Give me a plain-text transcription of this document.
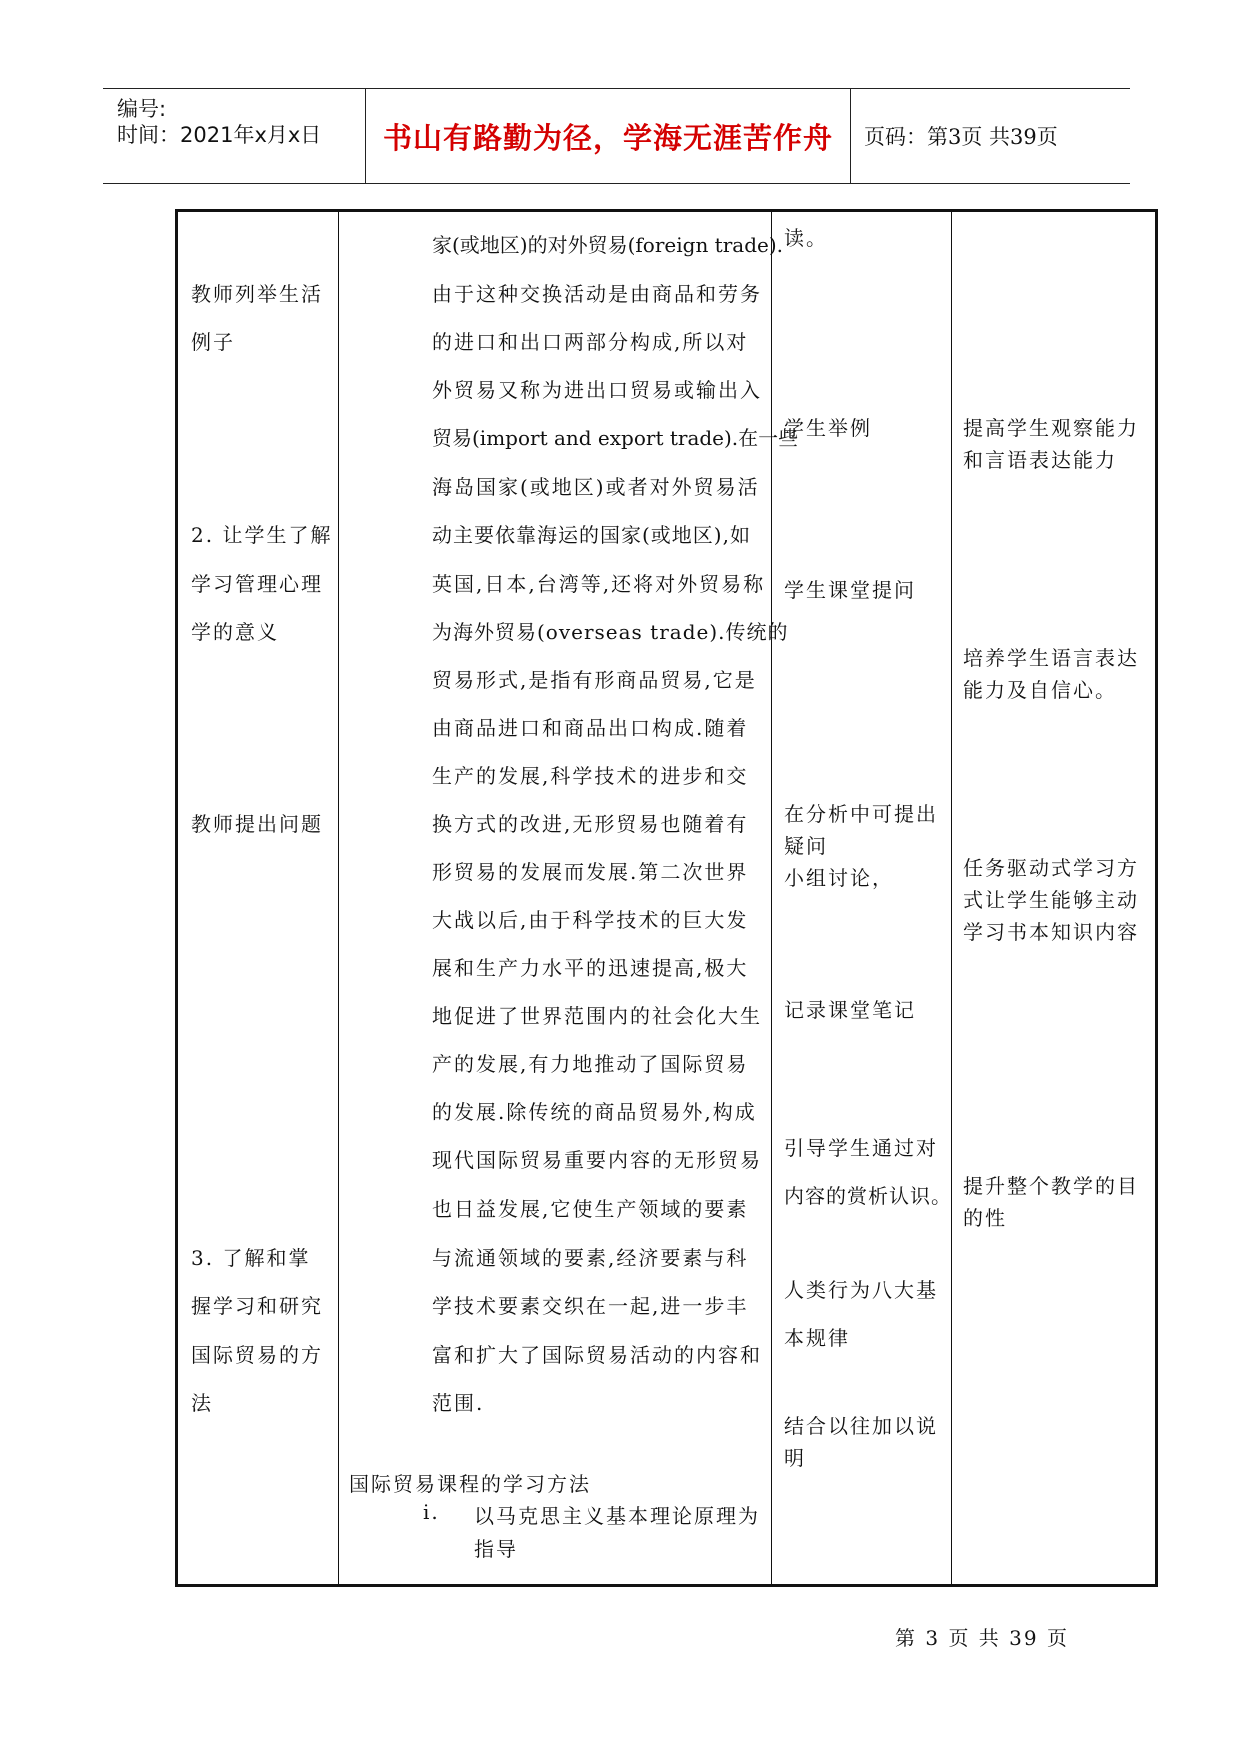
编号:
时间：2021年x月x日 书山有路勤为径，学海无涯苦作舟 页码：第3页 共39页
教师列举生活
例子
2. 让学生了解
学习管理心理
学的意义
教师提出问题
3. 了解和掌
握学习和研究
国际贸易的方
法
家(或地区)的对外贸易(foreign trade).
由于这种交换活动是由商品和劳务
的进口和出口两部分构成,所以对
外贸易又称为进出口贸易或输出入
贸易(import and export trade).在一些
海岛国家(或地区)或者对外贸易活
动主要依靠海运的国家(或地区),如
英国,日本,台湾等,还将对外贸易称
为海外贸易(overseas trade).传统的
贸易形式,是指有形商品贸易,它是
由商品进口和商品出口构成.随着
生产的发展,科学技术的进步和交
换方式的改进,无形贸易也随着有
形贸易的发展而发展.第二次世界
大战以后,由于科学技术的巨大发
展和生产力水平的迅速提高,极大
地促进了世界范围内的社会化大生
产的发展,有力地推动了国际贸易
的发展.除传统的商品贸易外,构成
现代国际贸易重要内容的无形贸易
也日益发展,它使生产领域的要素
与流通领域的要素,经济要素与科
学技术要素交织在一起,进一步丰
富和扩大了国际贸易活动的内容和
范围.
国际贸易课程的学习方法
i. 以马克思主义基本理论原理为
指导
读。
学生举例
学生课堂提问
在分析中可提出
疑问
小组讨论，
记录课堂笔记
引导学生通过对
内容的赏析认识。
人类行为八大基
本规律
结合以往加以说
明
提高学生观察能力
和言语表达能力
培养学生语言表达
能力及自信心。
任务驱动式学习方
式让学生能够主动
学习书本知识内容
提升整个教学的目
的性
第 3 页 共 39 页
